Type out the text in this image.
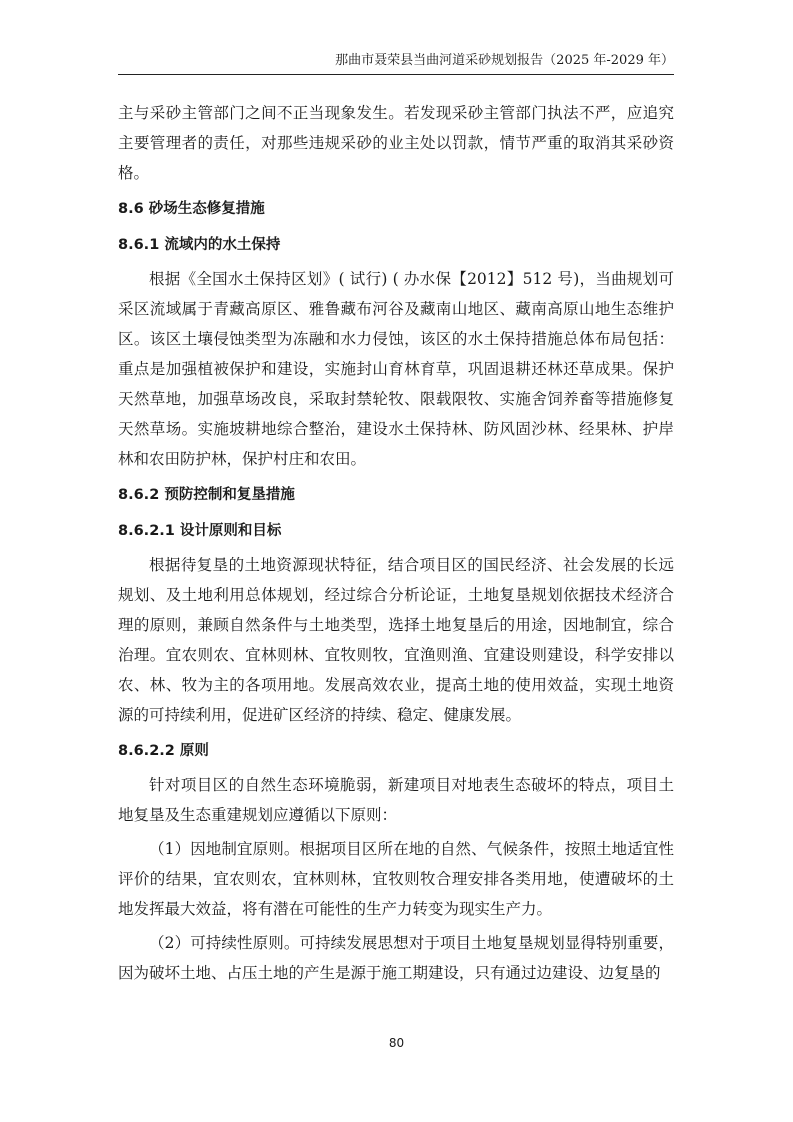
那曲市聂荣县当曲河道采砂规划报告（2025 年-2029 年）

主与采砂主管部门之间不正当现象发生。若发现采砂主管部门执法不严，应追究主要管理者的责任，对那些违规采砂的业主处以罚款，情节严重的取消其采砂资格。

8.6 砂场生态修复措施
8.6.1 流域内的水土保持

根据《全国水土保持区划》( 试行) ( 办水保【2012】512 号)，当曲规划可采区流域属于青藏高原区、雅鲁藏布河谷及藏南山地区、藏南高原山地生态维护区。该区土壤侵蚀类型为冻融和水力侵蚀，该区的水土保持措施总体布局包括：重点是加强植被保护和建设，实施封山育林育草，巩固退耕还林还草成果。保护天然草地，加强草场改良，采取封禁轮牧、限载限牧、实施舍饲养畜等措施修复天然草场。实施坡耕地综合整治，建设水土保持林、防风固沙林、经果林、护岸林和农田防护林，保护村庄和农田。

8.6.2 预防控制和复垦措施
8.6.2.1 设计原则和目标

根据待复垦的土地资源现状特征，结合项目区的国民经济、社会发展的长远规划、及土地利用总体规划，经过综合分析论证，土地复垦规划依据技术经济合理的原则，兼顾自然条件与土地类型，选择土地复垦后的用途，因地制宜，综合治理。宜农则农、宜林则林、宜牧则牧，宜渔则渔、宜建设则建设，科学安排以农、林、牧为主的各项用地。发展高效农业，提高土地的使用效益，实现土地资源的可持续利用，促进矿区经济的持续、稳定、健康发展。

8.6.2.2 原则

针对项目区的自然生态环境脆弱，新建项目对地表生态破坏的特点，项目土地复垦及生态重建规划应遵循以下原则：

（1）因地制宜原则。根据项目区所在地的自然、气候条件，按照土地适宜性评价的结果，宜农则农，宜林则林，宜牧则牧合理安排各类用地，使遭破坏的土地发挥最大效益，将有潜在可能性的生产力转变为现实生产力。

（2）可持续性原则。可持续发展思想对于项目土地复垦规划显得特别重要，因为破坏土地、占压土地的产生是源于施工期建设，只有通过边建设、边复垦的

80
